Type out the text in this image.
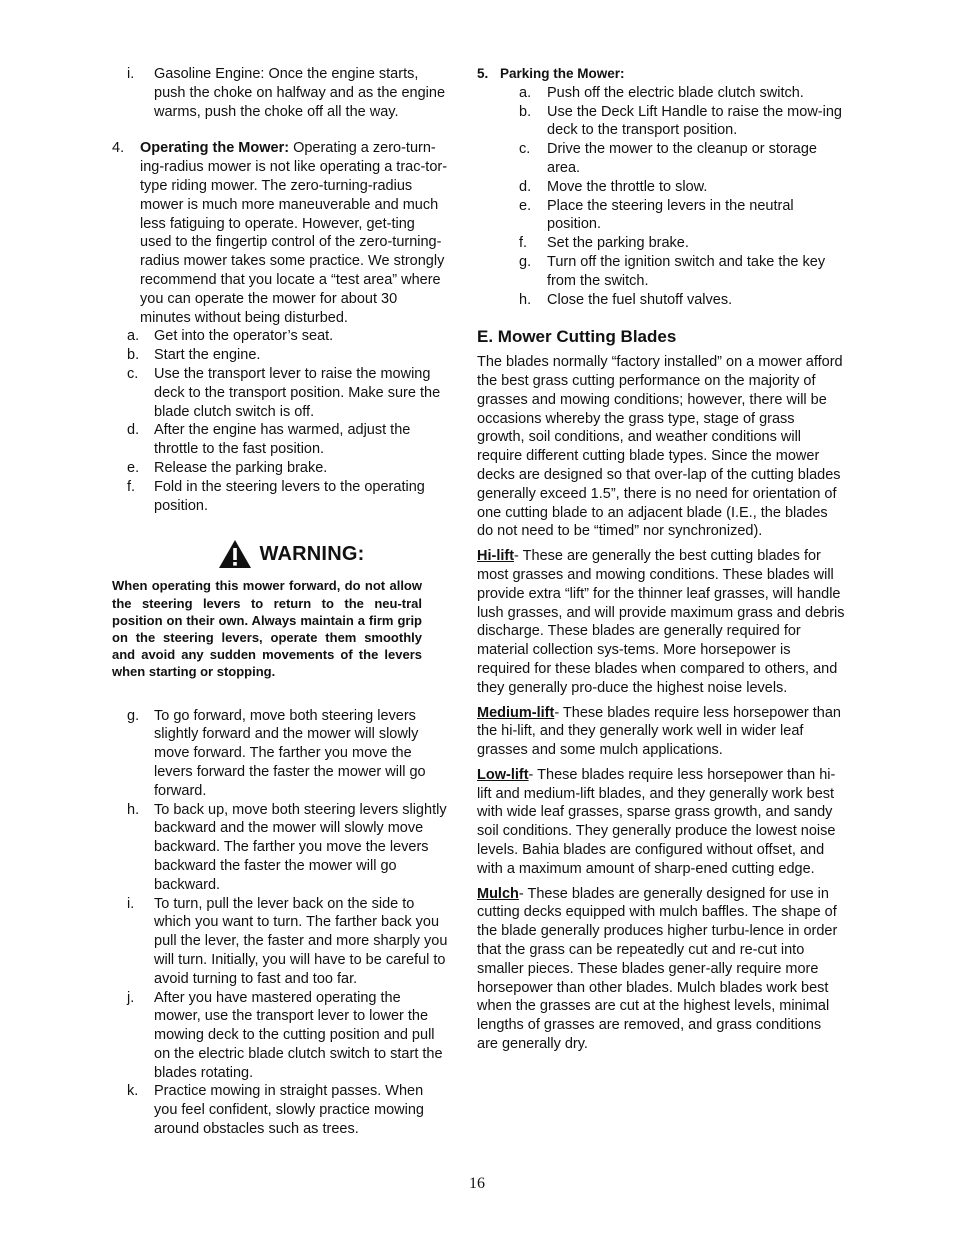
i. Gasoline Engine: Once the engine starts, push the choke on halfway and as the engine warms, push the choke off all the way.
4. Operating the Mower: Operating a zero-turn-ing-radius mower is not like operating a trac-tor-type riding mower. The zero-turning-radius mower is much more maneuverable and much less fatiguing to operate. However, get-ting used to the fingertip control of the zero-turning-radius mower takes some practice. We strongly recommend that you locate a “test area” where you can operate the mower for about 30 minutes without being disturbed.
a. Get into the operator’s seat.
b. Start the engine.
c. Use the transport lever to raise the mowing deck to the transport position. Make sure the blade clutch switch is off.
d. After the engine has warmed, adjust the throttle to the fast position.
e. Release the parking brake.
f. Fold in the steering levers to the operating position.
WARNING:
When operating this mower forward, do not allow the steering levers to return to the neu-tral position on their own. Always maintain a firm grip on the steering levers, operate them smoothly and avoid any sudden movements of the levers when starting or stopping.
g. To go forward, move both steering levers slightly forward and the mower will slowly move forward. The farther you move the levers forward the faster the mower will go forward.
h. To back up, move both steering levers slightly backward and the mower will slowly move backward. The farther you move the levers backward the faster the mower will go backward.
i. To turn, pull the lever back on the side to which you want to turn. The farther back you pull the lever, the faster and more sharply you will turn. Initially, you will have to be careful to avoid turning to fast and too far.
j. After you have mastered operating the mower, use the transport lever to lower the mowing deck to the cutting position and pull on the electric blade clutch switch to start the blades rotating.
k. Practice mowing in straight passes. When you feel confident, slowly practice mowing around obstacles such as trees.
5. Parking the Mower:
a. Push off the electric blade clutch switch.
b. Use the Deck Lift Handle to raise the mow-ing deck to the transport position.
c. Drive the mower to the cleanup or storage area.
d. Move the throttle to slow.
e. Place the steering levers in the neutral position.
f. Set the parking brake.
g. Turn off the ignition switch and take the key from the switch.
h. Close the fuel shutoff valves.
E. Mower Cutting Blades

The blades normally “factory installed” on a mower afford the best grass cutting performance on the majority of grasses and mowing conditions; however, there will be occasions whereby the grass type, stage of grass growth, soil conditions, and weather conditions will require different cutting blade types. Since the mower decks are designed so that over-lap of the cutting blades generally exceed 1.5”, there is no need for orientation of one cutting blade to an adjacent blade (I.E., the blades do not need to be “timed” nor synchronized).

Hi-lift- These are generally the best cutting blades for most grasses and mowing conditions. These blades will provide extra “lift” for the thinner leaf grasses, will handle lush grasses, and will provide maximum grass and debris discharge. These blades are generally required for material collection sys-tems. More horsepower is required for these blades when compared to others, and they generally pro-duce the highest noise levels.

Medium-lift- These blades require less horsepower than the hi-lift, and they generally work well in wider leaf grasses and some mulch applications.

Low-lift- These blades require less horsepower than hi-lift and medium-lift blades, and they generally work best with wide leaf grasses, sparse grass growth, and sandy soil conditions. They generally produce the lowest noise levels. Bahia blades are configured without offset, and with a maximum amount of sharp-ened cutting edge.

Mulch- These blades are generally designed for use in cutting decks equipped with mulch baffles. The shape of the blade generally produces higher turbu-lence in order that the grass can be repeatedly cut and re-cut into smaller pieces. These blades gener-ally require more horsepower than other blades. Mulch blades work best when the grasses are cut at the highest levels, minimal lengths of grasses are removed, and grass conditions are generally dry.

16
